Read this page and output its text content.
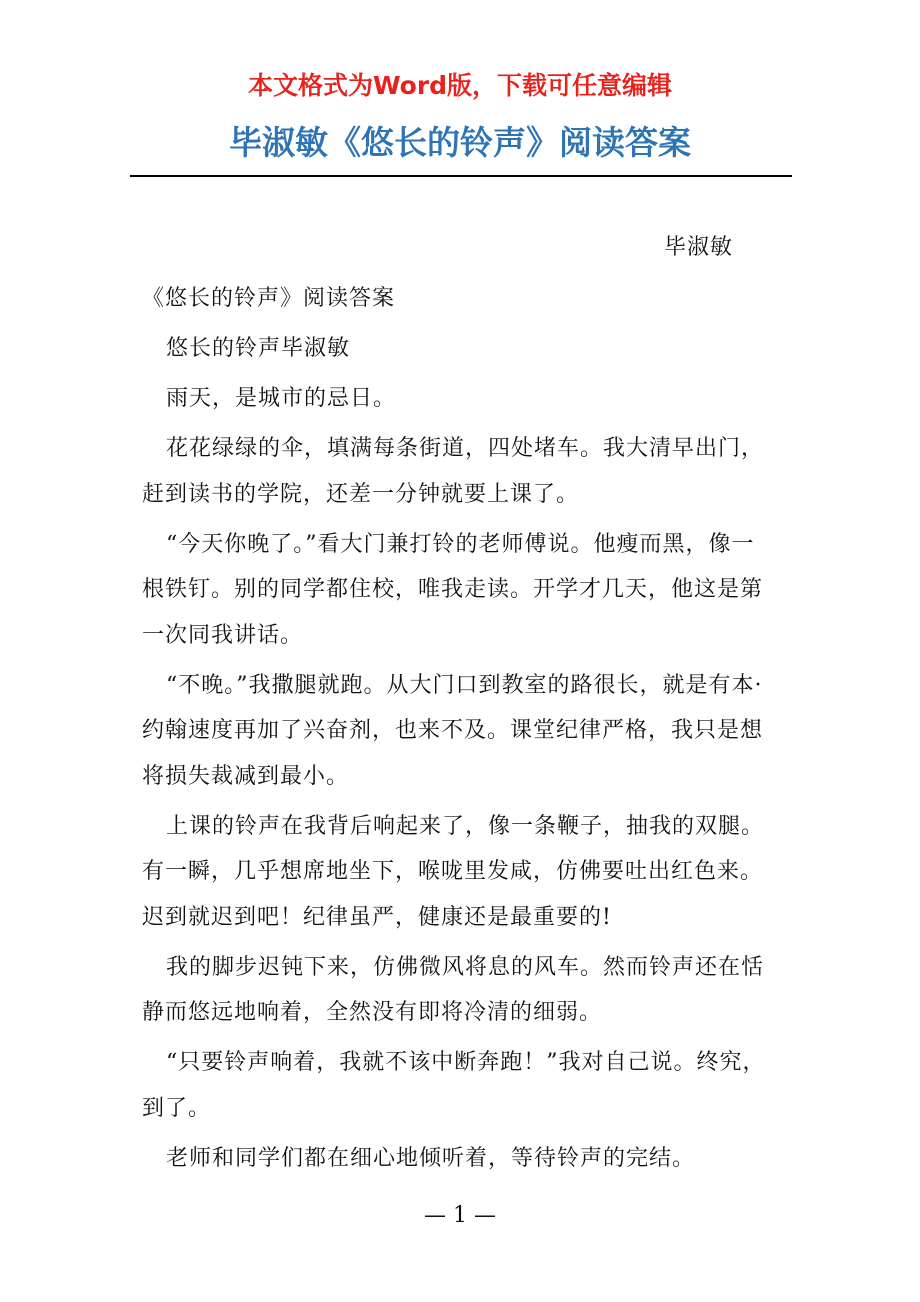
本文格式为Word版，下载可任意编辑
毕淑敏《悠长的铃声》阅读答案
毕淑敏

《悠长的铃声》阅读答案

悠长的铃声毕淑敏

雨天，是城市的忌日。

花花绿绿的伞，填满每条街道，四处堵车。我大清早出门，赶到读书的学院，还差一分钟就要上课了。

“今天你晚了。”看大门兼打铃的老师傅说。他瘦而黑，像一根铁钉。别的同学都住校，唯我走读。开学才几天，他这是第一次同我讲话。

“不晚。”我撒腿就跑。从大门口到教室的路很长，就是有本·约翰速度再加了兴奋剂，也来不及。课堂纪律严格，我只是想将损失裁减到最小。

上课的铃声在我背后响起来了，像一条鞭子，抽我的双腿。有一瞬，几乎想席地坐下，喉咙里发咸，仿佛要吐出红色来。迟到就迟到吧！纪律虽严，健康还是最重要的!

我的脚步迟钝下来，仿佛微风将息的风车。然而铃声还在恬静而悠远地响着，全然没有即将冷清的细弱。

“只要铃声响着，我就不该中断奔跑！”我对自己说。终究，到了。

老师和同学们都在细心地倾听着，等待铃声的完结。

— 1 —
